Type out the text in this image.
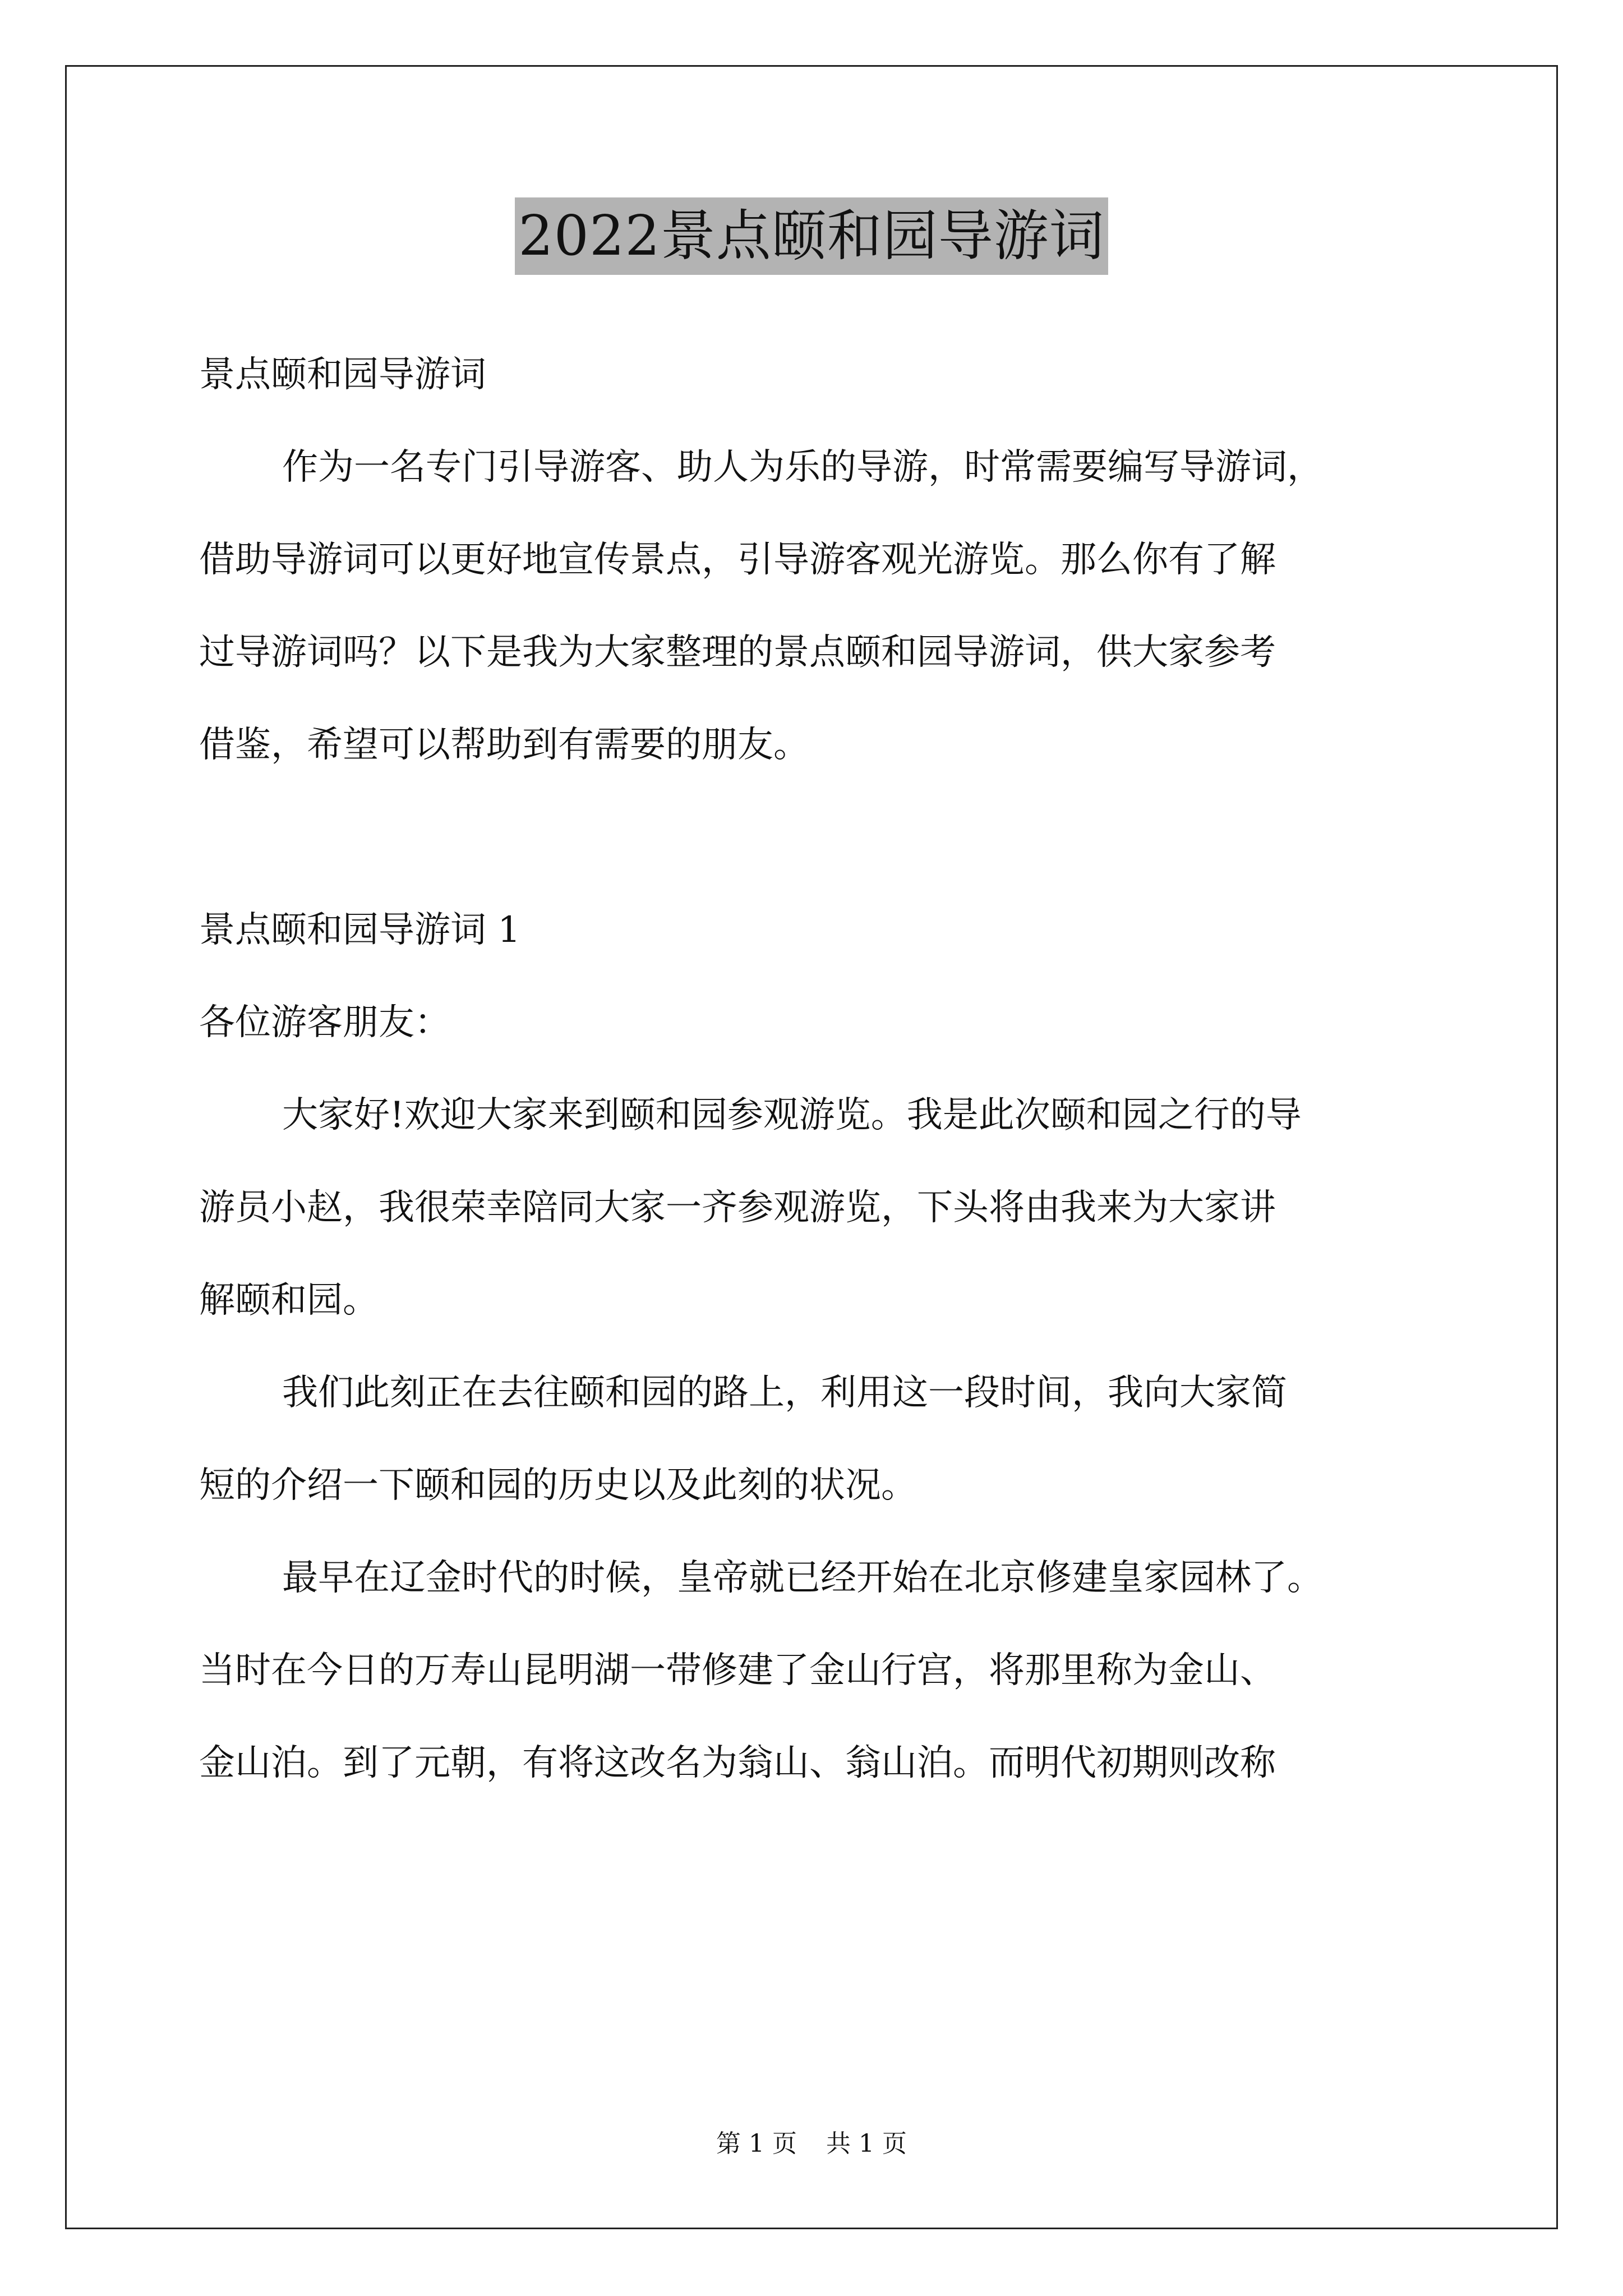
2022景点颐和园导游词
景点颐和园导游词
作为一名专门引导游客、助人为乐的导游，时常需要编写导游词，
借助导游词可以更好地宣传景点，引导游客观光游览。那么你有了解
过导游词吗？以下是我为大家整理的景点颐和园导游词，供大家参考
借鉴，希望可以帮助到有需要的朋友。
景点颐和园导游词 1
各位游客朋友：
大家好!欢迎大家来到颐和园参观游览。我是此次颐和园之行的导
游员小赵，我很荣幸陪同大家一齐参观游览，下头将由我来为大家讲
解颐和园。
我们此刻正在去往颐和园的路上，利用这一段时间，我向大家简
短的介绍一下颐和园的历史以及此刻的状况。
最早在辽金时代的时候，皇帝就已经开始在北京修建皇家园林了。
当时在今日的万寿山昆明湖一带修建了金山行宫，将那里称为金山、
金山泊。到了元朝，有将这改名为翁山、翁山泊。而明代初期则改称
第 1 页 共 1 页
